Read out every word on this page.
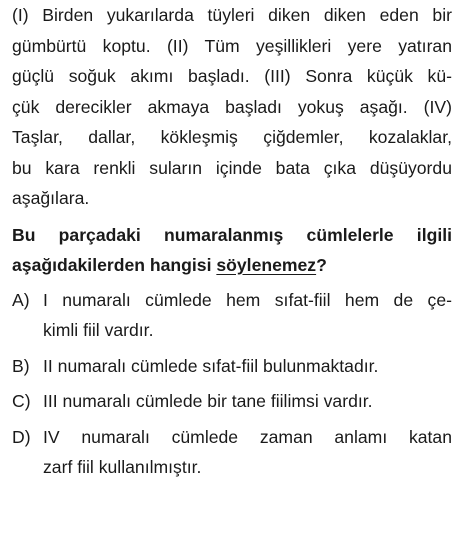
(I) Birden yukarılarda tüyleri diken diken eden bir
gümbürtü koptu. (II) Tüm yeşillikleri yere yatıran
güçlü soğuk akımı başladı. (III) Sonra küçük kü-
çük derecikler akmaya başladı yokuş aşağı. (IV)
Taşlar, dallar, kökleşmiş çiğdemler, kozalaklar,
bu kara renkli suların içinde bata çıka düşüyordu
aşağılara.
Bu parçadaki numaralanmış cümlelerle ilgili
aşağıdakilerden hangisi söylenemez?
A) I numaralı cümlede hem sıfat-fiil hem de çe-
kimli fiil vardır.
B) II numaralı cümlede sıfat-fiil bulunmaktadır.
C) III numaralı cümlede bir tane fiilimsi vardır.
D) IV numaralı cümlede zaman anlamı katan
zarf fiil kullanılmıştır.
